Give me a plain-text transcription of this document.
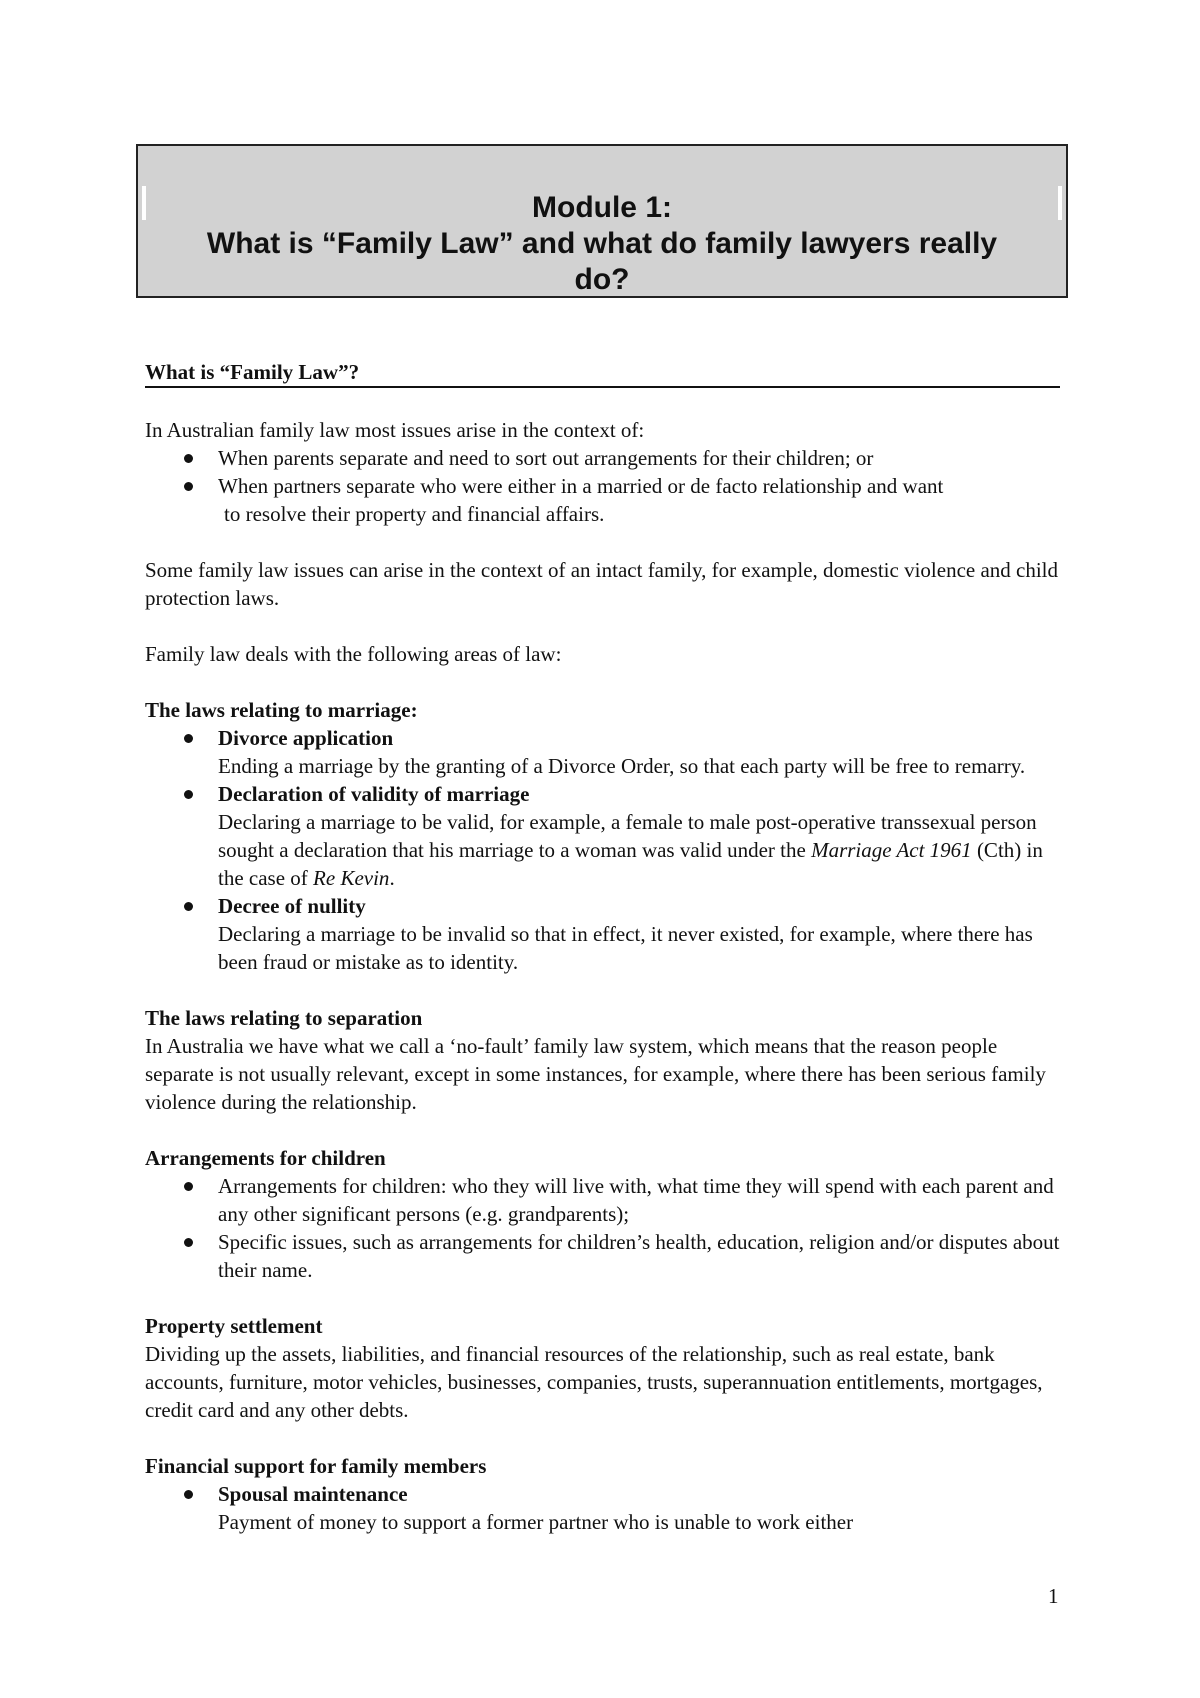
Module 1:
What is “Family Law” and what do family lawyers really
do?
What is “Family Law”?
In Australian family law most issues arise in the context of:
When parents separate and need to sort out arrangements for their children; or
When partners separate who were either in a married or de facto relationship and want
to resolve their property and financial affairs.

Some family law issues can arise in the context of an intact family, for example, domestic violence and child protection laws.

Family law deals with the following areas of law:

The laws relating to marriage:
Divorce application
Ending a marriage by the granting of a Divorce Order, so that each party will be free to remarry.
Declaration of validity of marriage
Declaring a marriage to be valid, for example, a female to male post-operative transsexual person sought a declaration that his marriage to a woman was valid under the Marriage Act 1961 (Cth) in the case of Re Kevin.
Decree of nullity
Declaring a marriage to be invalid so that in effect, it never existed, for example, where there has been fraud or mistake as to identity.
The laws relating to separation
In Australia we have what we call a ‘no-fault’ family law system, which means that the reason people separate is not usually relevant, except in some instances, for example, where there has been serious family violence during the relationship.
Arrangements for children
Arrangements for children: who they will live with, what time they will spend with each parent and any other significant persons (e.g. grandparents);
Specific issues, such as arrangements for children’s health, education, religion and/or disputes about their name.
Property settlement
Dividing up the assets, liabilities, and financial resources of the relationship, such as real estate, bank accounts, furniture, motor vehicles, businesses, companies, trusts, superannuation entitlements, mortgages, credit card and any other debts.
Financial support for family members
Spousal maintenance
Payment of money to support a former partner who is unable to work either
1
